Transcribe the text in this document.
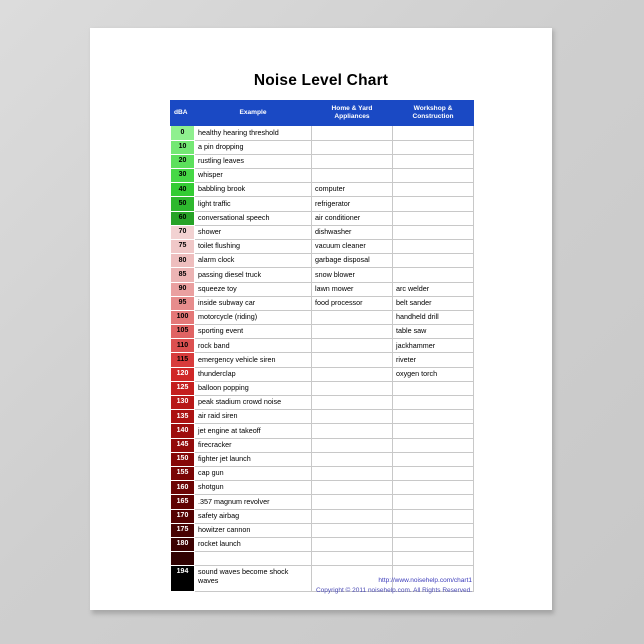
Noise Level Chart
dBA	Example	Home & Yard Appliances	Workshop & Construction
0	healthy hearing threshold		
10	a pin dropping		
20	rustling leaves		
30	whisper		
40	babbling brook	computer	
50	light traffic	refrigerator	
60	conversational speech	air conditioner	
70	shower	dishwasher	
75	toilet flushing	vacuum cleaner	
80	alarm clock	garbage disposal	
85	passing diesel truck	snow blower	
90	squeeze toy	lawn mower	arc welder
95	inside subway car	food processor	belt sander
100	motorcycle (riding)		handheld drill
105	sporting event		table saw
110	rock band		jackhammer
115	emergency vehicle siren		riveter
120	thunderclap		oxygen torch
125	balloon popping		
130	peak stadium crowd noise		
135	air raid siren		
140	jet engine at takeoff		
145	firecracker		
150	fighter jet launch		
155	cap gun		
160	shotgun		
165	.357 magnum revolver		
170	safety airbag		
175	howitzer cannon		
180	rocket launch		

194	sound waves become shock waves			http://www.noisehelp.com/chart1
Copyright © 2011 noisehelp.com. All Rights Reserved.
